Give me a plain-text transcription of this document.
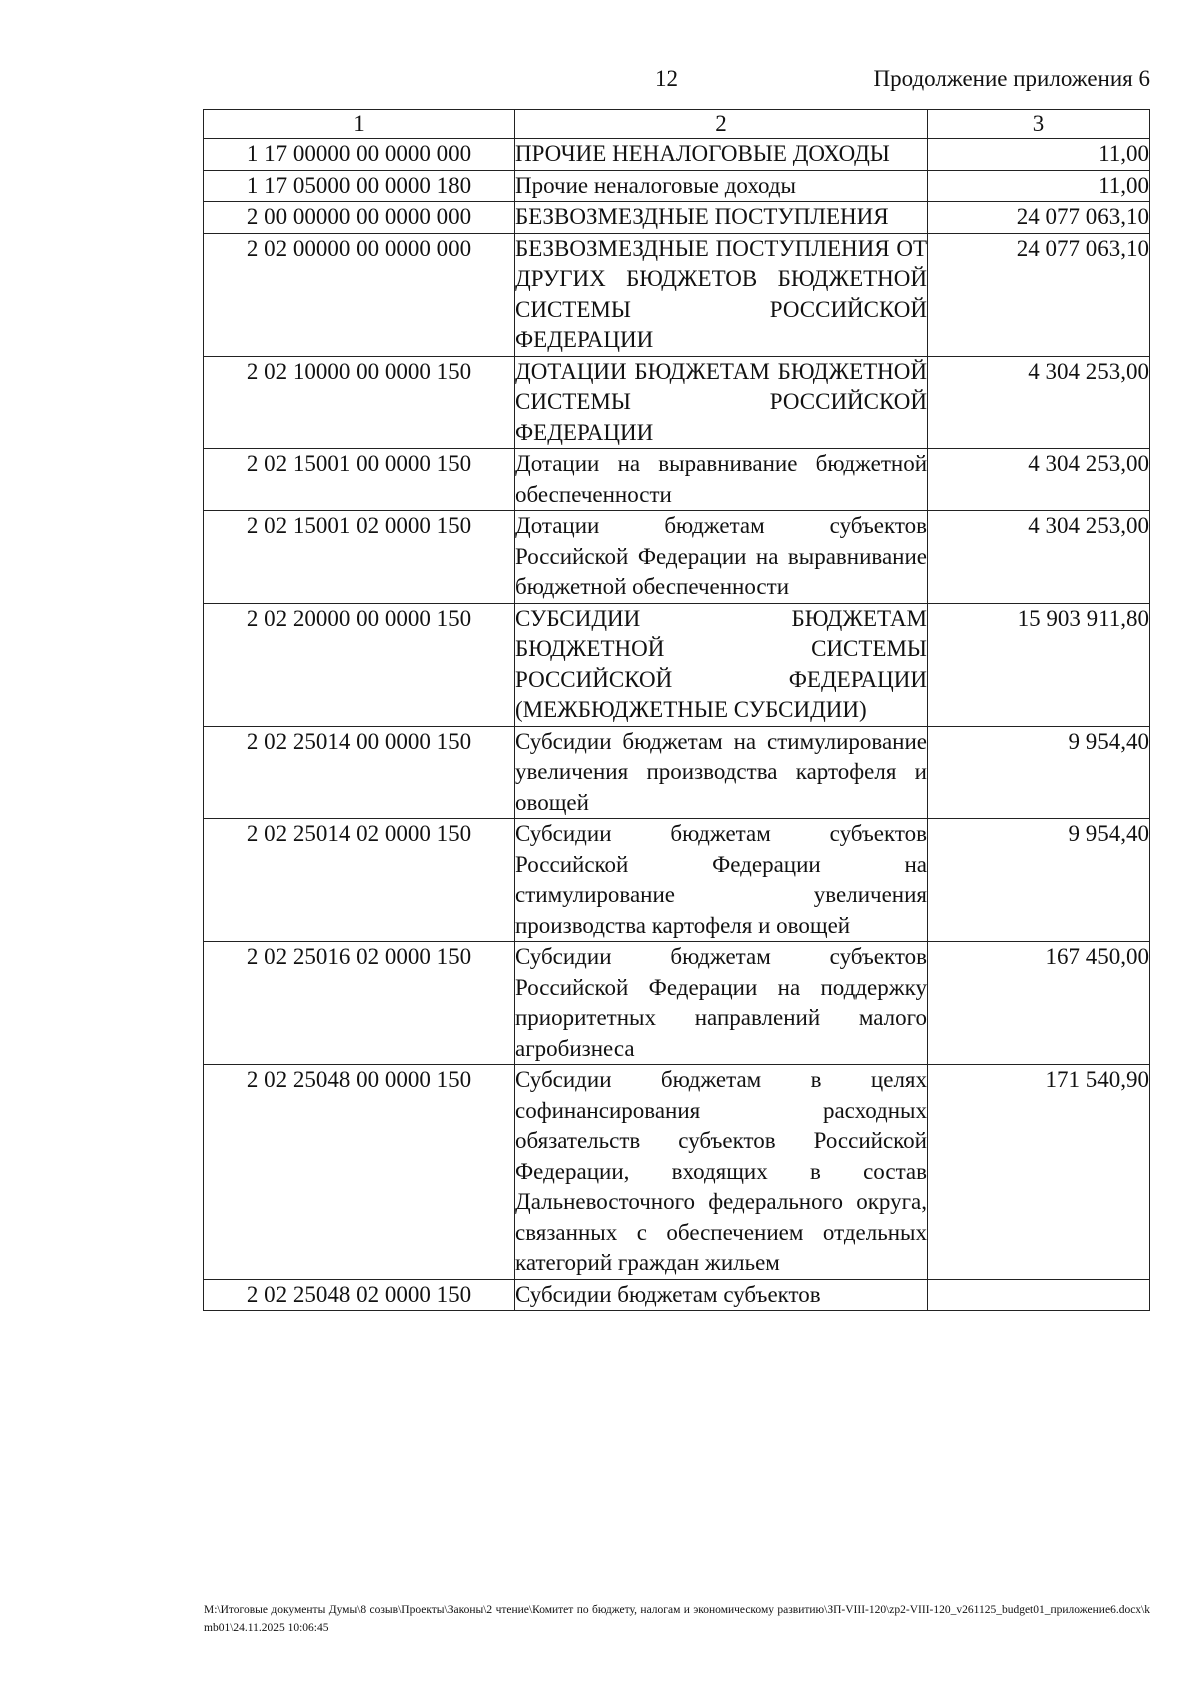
12	Продолжение приложения 6
1	2	3
1 17 00000 00 0000 000	ПРОЧИЕ НЕНАЛОГОВЫЕ ДОХОДЫ	11,00
1 17 05000 00 0000 180	Прочие неналоговые доходы	11,00
2 00 00000 00 0000 000	БЕЗВОЗМЕЗДНЫЕ ПОСТУПЛЕНИЯ	24 077 063,10
2 02 00000 00 0000 000	БЕЗВОЗМЕЗДНЫЕ ПОСТУПЛЕНИЯ ОТ ДРУГИХ БЮДЖЕТОВ БЮДЖЕТНОЙ СИСТЕМЫ РОССИЙСКОЙ ФЕДЕРАЦИИ	24 077 063,10
2 02 10000 00 0000 150	ДОТАЦИИ БЮДЖЕТАМ БЮДЖЕТНОЙ СИСТЕМЫ РОССИЙСКОЙ ФЕДЕРАЦИИ	4 304 253,00
2 02 15001 00 0000 150	Дотации на выравнивание бюджетной обеспеченности	4 304 253,00
2 02 15001 02 0000 150	Дотации бюджетам субъектов Российской Федерации на выравнивание бюджетной обеспеченности	4 304 253,00
2 02 20000 00 0000 150	СУБСИДИИ БЮДЖЕТАМ БЮДЖЕТНОЙ СИСТЕМЫ РОССИЙСКОЙ ФЕДЕРАЦИИ (МЕЖБЮДЖЕТНЫЕ СУБСИДИИ)	15 903 911,80
2 02 25014 00 0000 150	Субсидии бюджетам на стимулирование увеличения производства картофеля и овощей	9 954,40
2 02 25014 02 0000 150	Субсидии бюджетам субъектов Российской Федерации на стимулирование увеличения производства картофеля и овощей	9 954,40
2 02 25016 02 0000 150	Субсидии бюджетам субъектов Российской Федерации на поддержку приоритетных направлений малого агробизнеса	167 450,00
2 02 25048 00 0000 150	Субсидии бюджетам в целях софинансирования расходных обязательств субъектов Российской Федерации, входящих в состав Дальневосточного федерального округа, связанных с обеспечением отдельных категорий граждан жильем	171 540,90
2 02 25048 02 0000 150	Субсидии бюджетам субъектов	
M:\Итоговые документы Думы\8 созыв\Проекты\Законы\2 чтение\Комитет по бюджету, налогам и экономическому развитию\ЗП-VIII-120\zp2-VIII-120_v261125_budget01_приложение6.docx\kmb01\24.11.2025 10:06:45
